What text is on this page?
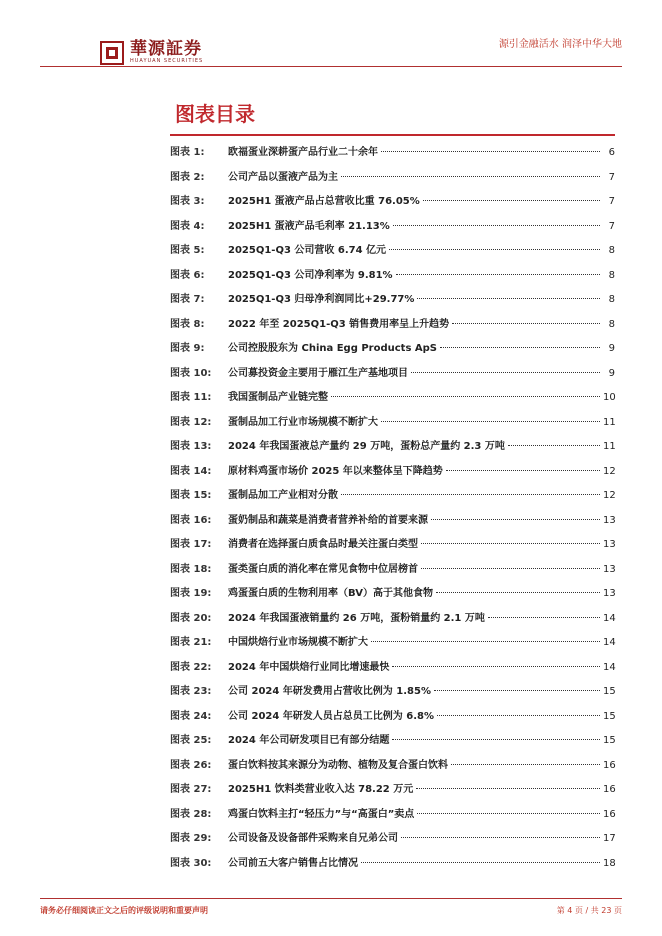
華源証券
HUAYUAN SECURITIES
源引金融活水 润泽中华大地
图表目录
图表 1:	欧福蛋业深耕蛋产品行业二十余年	6
图表 2:	公司产品以蛋液产品为主	7
图表 3:	2025H1 蛋液产品占总营收比重 76.05%	7
图表 4:	2025H1 蛋液产品毛利率 21.13%	7
图表 5:	2025Q1-Q3 公司营收 6.74 亿元	8
图表 6:	2025Q1-Q3 公司净利率为 9.81%	8
图表 7:	2025Q1-Q3 归母净利润同比+29.77%	8
图表 8:	2022 年至 2025Q1-Q3 销售费用率呈上升趋势	8
图表 9:	公司控股股东为 China Egg Products ApS	9
图表 10:	公司募投资金主要用于雁江生产基地项目	9
图表 11:	我国蛋制品产业链完整	10
图表 12:	蛋制品加工行业市场规模不断扩大	11
图表 13:	2024 年我国蛋液总产量约 29 万吨，蛋粉总产量约 2.3 万吨	11
图表 14:	原材料鸡蛋市场价 2025 年以来整体呈下降趋势	12
图表 15:	蛋制品加工产业相对分散	12
图表 16:	蛋奶制品和蔬菜是消费者营养补给的首要来源	13
图表 17:	消费者在选择蛋白质食品时最关注蛋白类型	13
图表 18:	蛋类蛋白质的消化率在常见食物中位居榜首	13
图表 19:	鸡蛋蛋白质的生物利用率（BV）高于其他食物	13
图表 20:	2024 年我国蛋液销量约 26 万吨，蛋粉销量约 2.1 万吨	14
图表 21:	中国烘焙行业市场规模不断扩大	14
图表 22:	2024 年中国烘焙行业同比增速最快	14
图表 23:	公司 2024 年研发费用占营收比例为 1.85%	15
图表 24:	公司 2024 年研发人员占总员工比例为 6.8%	15
图表 25:	2024 年公司研发项目已有部分结题	15
图表 26:	蛋白饮料按其来源分为动物、植物及复合蛋白饮料	16
图表 27:	2025H1 饮料类营业收入达 78.22 万元	16
图表 28:	鸡蛋白饮料主打“轻压力”与“高蛋白”卖点	16
图表 29:	公司设备及设备部件采购来自兄弟公司	17
图表 30:	公司前五大客户销售占比情况	18
请务必仔细阅读正文之后的评级说明和重要声明	第 4 页 / 共 23 页
